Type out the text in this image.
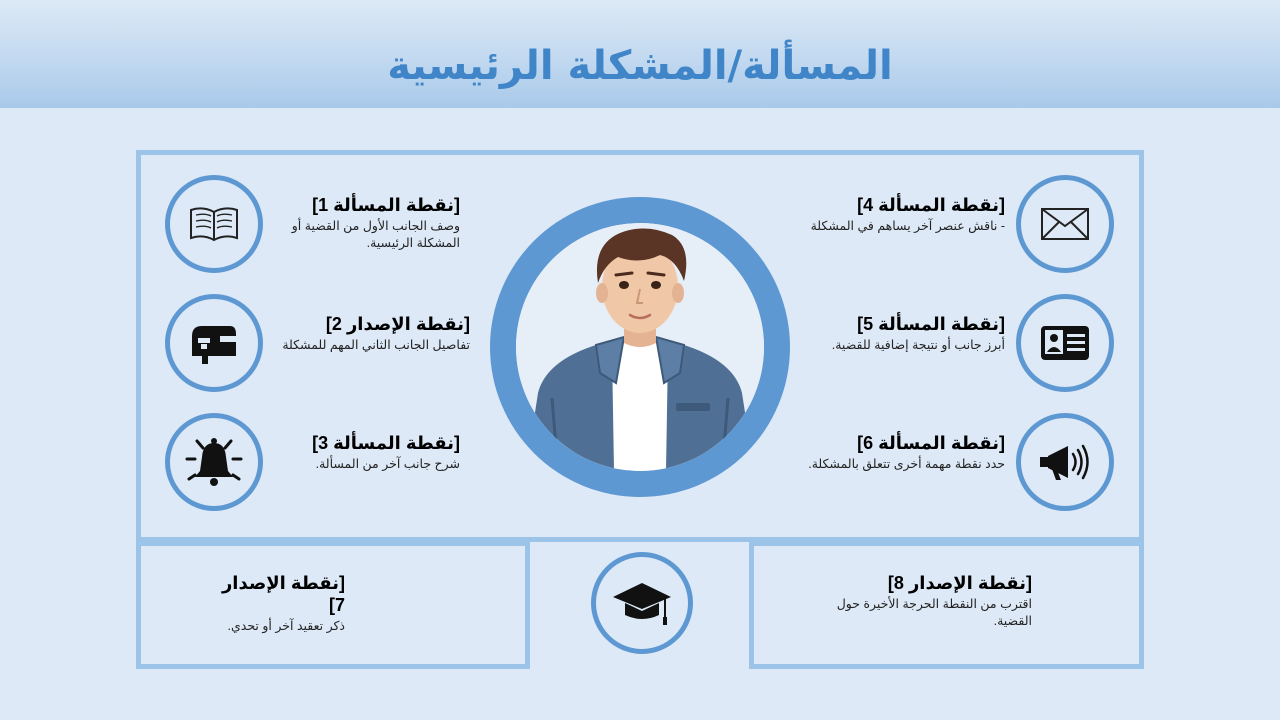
المسألة/المشكلة الرئيسية
[نقطة المسألة 1]
وصف الجانب الأول من القضية أو المشكلة الرئيسية.
[نقطة الإصدار 2]
تفاصيل الجانب الثاني المهم للمشكلة
[نقطة المسألة 3]
شرح جانب آخر من المسألة.
[نقطة المسألة 4]
- ناقش عنصر آخر يساهم في المشكلة
[نقطة المسألة 5]
أبرز جانب أو نتيجة إضافية للقضية.
[نقطة المسألة 6]
حدد نقطة مهمة أخرى تتعلق بالمشكلة.
[نقطة الإصدار 7]
ذكر تعقيد آخر أو تحدي.
[نقطة الإصدار 8]
اقترب من النقطة الحرجة الأخيرة حول القضية.
